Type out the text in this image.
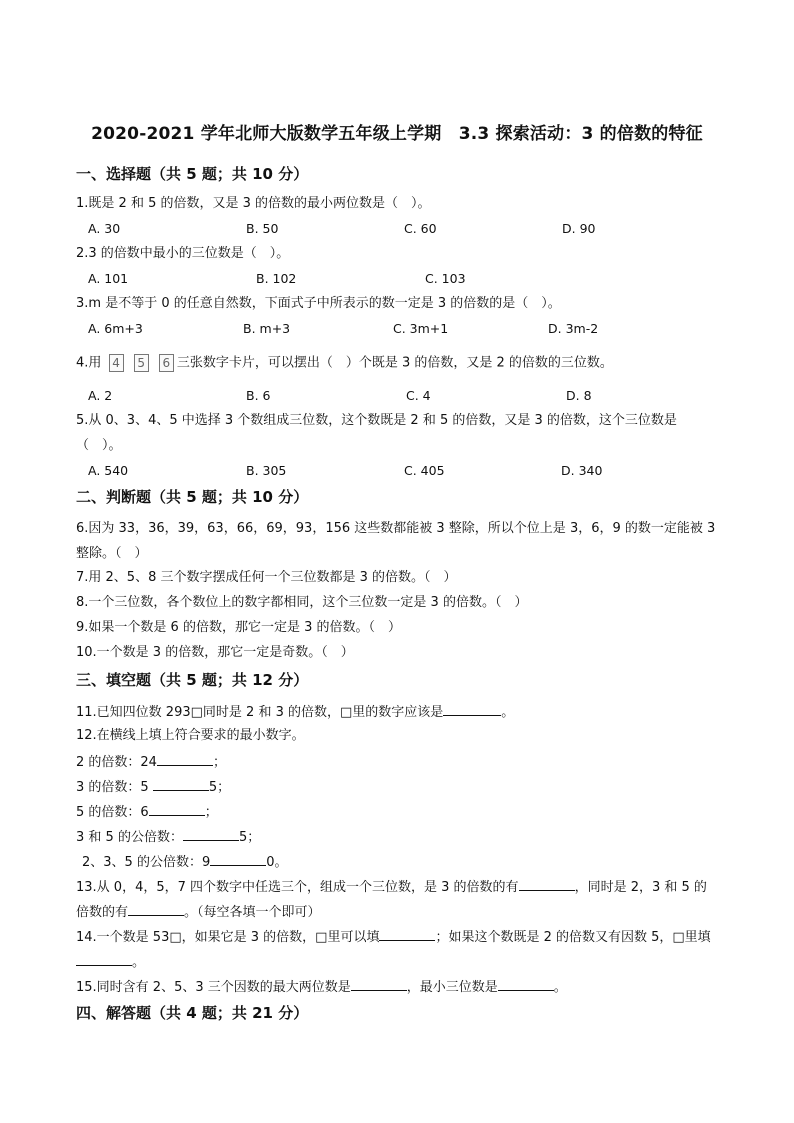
2020-2021 学年北师大版数学五年级上学期　3.3 探索活动：3 的倍数的特征
一、选择题（共 5 题；共 10 分）
1.既是 2 和 5 的倍数，又是 3 的倍数的最小两位数是（　）。
A. 30	B. 50	C. 60	D. 90
2.3 的倍数中最小的三位数是（　）。
A. 101	B. 102	C. 103
3.m 是不等于 0 的任意自然数，下面式子中所表示的数一定是 3 的倍数的是（　）。
A. 6m+3	B. m+3	C. 3m+1	D. 3m-2
4.用 4 5 6 三张数字卡片，可以摆出（　）个既是 3 的倍数，又是 2 的倍数的三位数。
A. 2	B. 6	C. 4	D. 8
5.从 0、3、4、5 中选择 3 个数组成三位数，这个数既是 2 和 5 的倍数，又是 3 的倍数，这个三位数是（　）。
A. 540	B. 305	C. 405	D. 340
二、判断题（共 5 题；共 10 分）
6.因为 33，36，39，63，66，69，93，156 这些数都能被 3 整除，所以个位上是 3，6，9 的数一定能被 3 整除。（　）
7.用 2、5、8 三个数字摆成任何一个三位数都是 3 的倍数。（　）
8.一个三位数，各个数位上的数字都相同，这个三位数一定是 3 的倍数。（　）
9.如果一个数是 6 的倍数，那它一定是 3 的倍数。（　）
10.一个数是 3 的倍数，那它一定是奇数。（　）
三、填空题（共 5 题；共 12 分）
11.已知四位数 293□同时是 2 和 3 的倍数，□里的数字应该是	。
12.在横线上填上符合要求的最小数字。
2 的倍数：24	；
3 的倍数：5	5；
5 的倍数：6	；
3 和 5 的公倍数：	5；
2、3、5 的公倍数：9	0。
13.从 0，4，5，7 四个数字中任选三个，组成一个三位数，是 3 的倍数的有	，同时是 2，3 和 5 的
倍数的有	。（每空各填一个即可）
14.一个数是 53□，如果它是 3 的倍数，□里可以填	；如果这个数既是 2 的倍数又有因数 5，□里填
。
15.同时含有 2、5、3 三个因数的最大两位数是	，最小三位数是	。
四、解答题（共 4 题；共 21 分）
